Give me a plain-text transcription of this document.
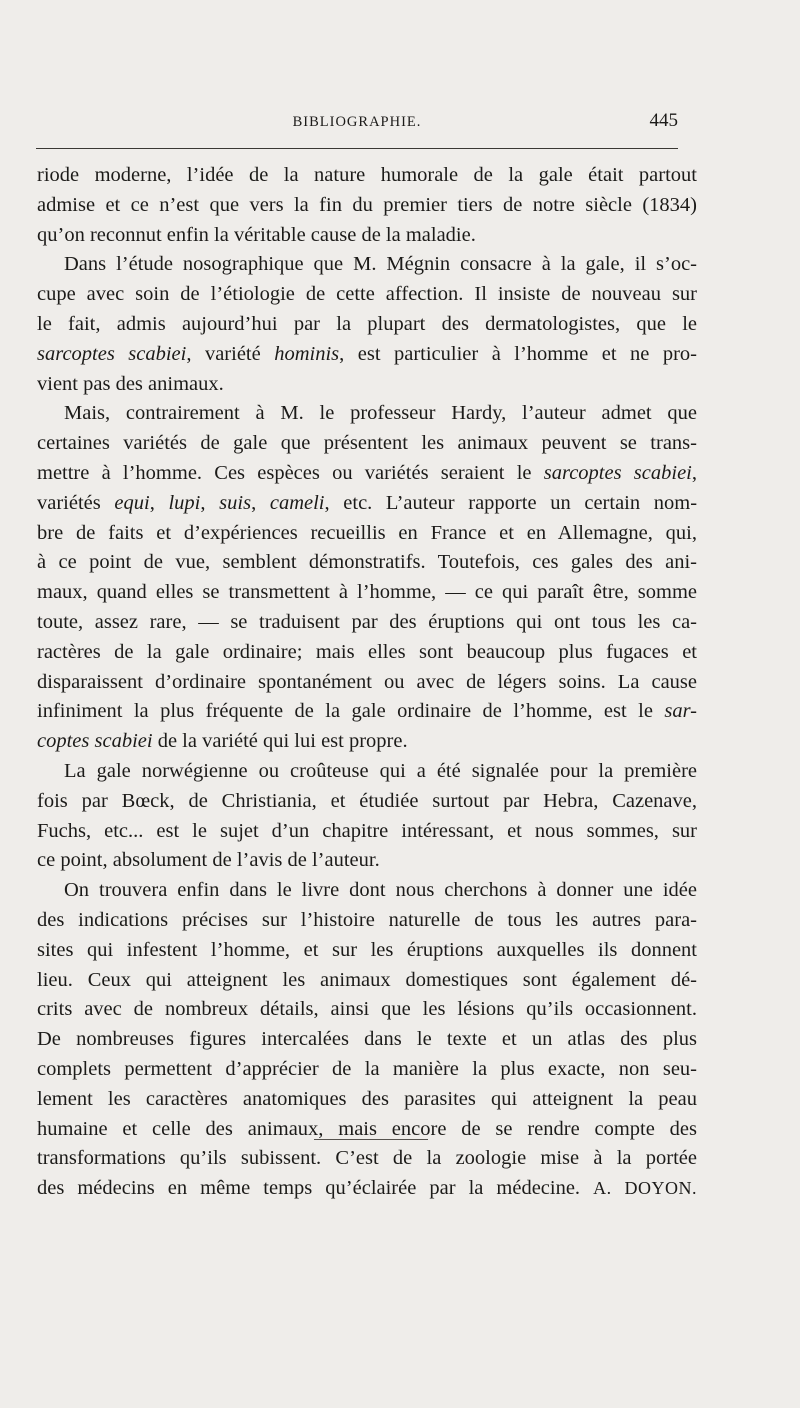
BIBLIOGRAPHIE.	445
riode moderne, l’idée de la nature humorale de la gale était partout
admise et ce n’est que vers la fin du premier tiers de notre siècle (1834)
qu’on reconnut enfin la véritable cause de la maladie.
Dans l’étude nosographique que M. Mégnin consacre à la gale, il s’oc-
cupe avec soin de l’étiologie de cette affection. Il insiste de nouveau sur
le fait, admis aujourd’hui par la plupart des dermatologistes, que le
sarcoptes scabiei, variété hominis, est particulier à l’homme et ne pro-
vient pas des animaux.
Mais, contrairement à M. le professeur Hardy, l’auteur admet que
certaines variétés de gale que présentent les animaux peuvent se trans-
mettre à l’homme. Ces espèces ou variétés seraient le sarcoptes scabiei,
variétés equi, lupi, suis, cameli, etc. L’auteur rapporte un certain nom-
bre de faits et d’expériences recueillis en France et en Allemagne, qui,
à ce point de vue, semblent démonstratifs. Toutefois, ces gales des ani-
maux, quand elles se transmettent à l’homme, — ce qui paraît être, somme
toute, assez rare, — se traduisent par des éruptions qui ont tous les ca-
ractères de la gale ordinaire; mais elles sont beaucoup plus fugaces et
disparaissent d’ordinaire spontanément ou avec de légers soins. La cause
infiniment la plus fréquente de la gale ordinaire de l’homme, est le sar-
coptes scabiei de la variété qui lui est propre.
La gale norwégienne ou croûteuse qui a été signalée pour la première
fois par Bœck, de Christiania, et étudiée surtout par Hebra, Cazenave,
Fuchs, etc... est le sujet d’un chapitre intéressant, et nous sommes, sur
ce point, absolument de l’avis de l’auteur.
On trouvera enfin dans le livre dont nous cherchons à donner une idée
des indications précises sur l’histoire naturelle de tous les autres para-
sites qui infestent l’homme, et sur les éruptions auxquelles ils donnent
lieu. Ceux qui atteignent les animaux domestiques sont également dé-
crits avec de nombreux détails, ainsi que les lésions qu’ils occasionnent.
De nombreuses figures intercalées dans le texte et un atlas des plus
complets permettent d’apprécier de la manière la plus exacte, non seu-
lement les caractères anatomiques des parasites qui atteignent la peau
humaine et celle des animaux, mais encore de se rendre compte des
transformations qu’ils subissent. C’est de la zoologie mise à la portée
des médecins en même temps qu’éclairée par la médecine. A. DOYON.
